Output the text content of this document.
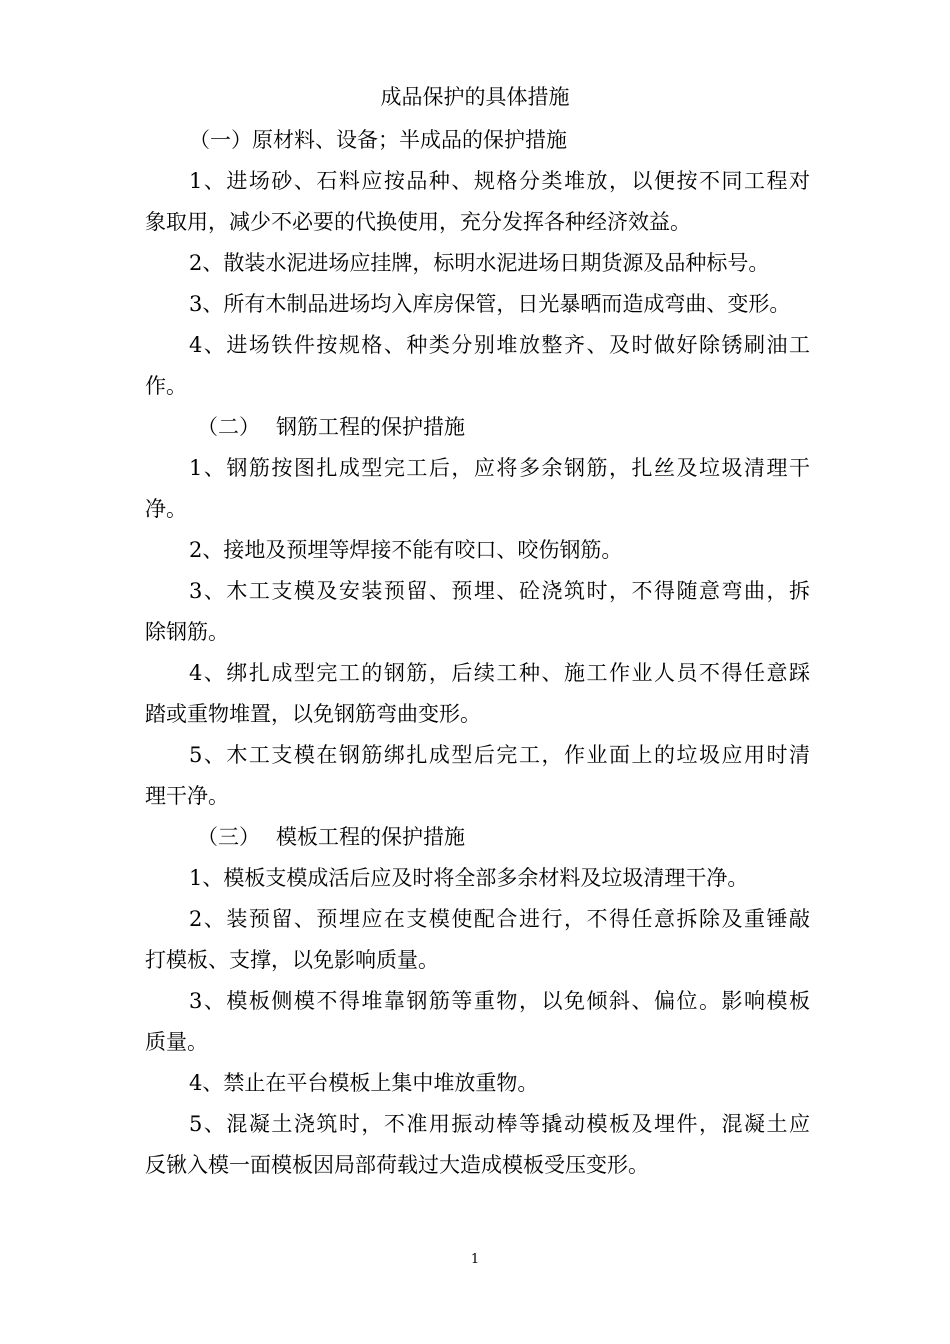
成品保护的具体措施
（一）原材料、设备；半成品的保护措施
1、进场砂、石料应按品种、规格分类堆放，以便按不同工程对
象取用，减少不必要的代换使用，充分发挥各种经济效益。
2、散装水泥进场应挂牌，标明水泥进场日期货源及品种标号。
3、所有木制品进场均入库房保管，日光暴晒而造成弯曲、变形。
4、进场铁件按规格、种类分别堆放整齐、及时做好除锈刷油工
作。
（二） 钢筋工程的保护措施
1、钢筋按图扎成型完工后，应将多余钢筋，扎丝及垃圾清理干
净。
2、接地及预埋等焊接不能有咬口、咬伤钢筋。
3、木工支模及安装预留、预埋、砼浇筑时，不得随意弯曲，拆
除钢筋。
4、绑扎成型完工的钢筋，后续工种、施工作业人员不得任意踩
踏或重物堆置，以免钢筋弯曲变形。
5、木工支模在钢筋绑扎成型后完工，作业面上的垃圾应用时清
理干净。
（三） 模板工程的保护措施
1、模板支模成活后应及时将全部多余材料及垃圾清理干净。
2、装预留、预埋应在支模使配合进行，不得任意拆除及重锤敲
打模板、支撑，以免影响质量。
3、模板侧模不得堆靠钢筋等重物，以免倾斜、偏位。影响模板
质量。
4、禁止在平台模板上集中堆放重物。
5、混凝土浇筑时，不准用振动棒等撬动模板及埋件，混凝土应
反锹入模一面模板因局部荷载过大造成模板受压变形。
1
